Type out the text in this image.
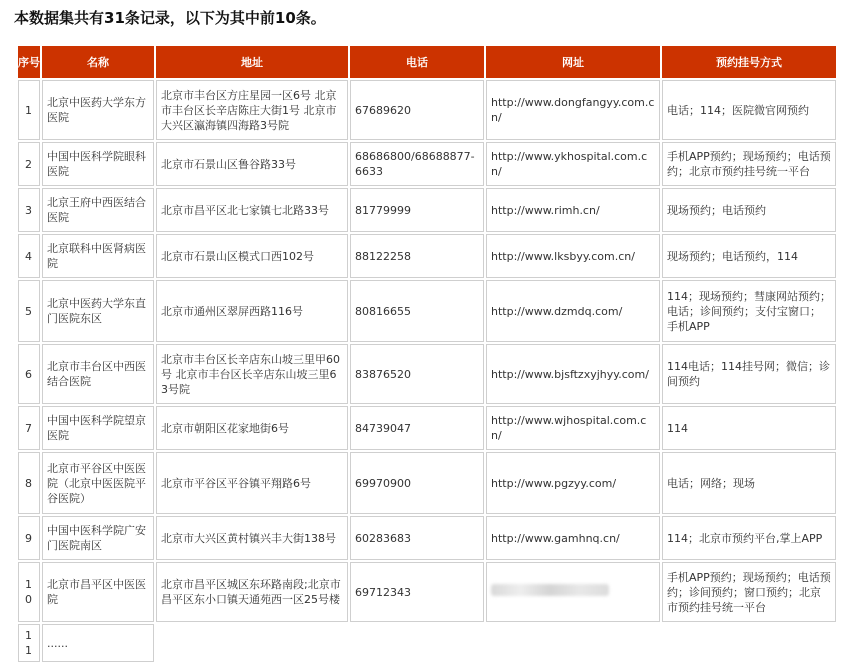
本数据集共有31条记录，以下为其中前10条。
序号	名称	地址	电话	网址	预约挂号方式
1	北京中医药大学东方医院	北京市丰台区方庄星园一区6号 北京市丰台区长辛店陈庄大街1号 北京市大兴区瀛海镇四海路3号院	67689620	http://www.dongfangyy.com.cn/	电话；114；医院微官网预约
2	中国中医科学院眼科医院	北京市石景山区鲁谷路33号	68686800/68688877-6633	http://www.ykhospital.com.cn/	手机APP预约；现场预约；电话预约；北京市预约挂号统一平台
3	北京王府中西医结合医院	北京市昌平区北七家镇七北路33号	81779999	http://www.rimh.cn/	现场预约；电话预约
4	北京联科中医肾病医院	北京市石景山区模式口西102号	88122258	http://www.lksbyy.com.cn/	现场预约；电话预约，114
5	北京中医药大学东直门医院东区	北京市通州区翠屏西路116号	80816655	http://www.dzmdq.com/	114；现场预约；彗康网站预约；电话；诊间预约；支付宝窗口；手机APP
6	北京市丰台区中西医结合医院	北京市丰台区长辛店东山坡三里甲60号 北京市丰台区长辛店东山坡三里63号院	83876520	http://www.bjsftzxyjhyy.com/	114电话；114挂号网；微信；诊间预约
7	中国中医科学院望京医院	北京市朝阳区花家地街6号	84739047	http://www.wjhospital.com.cn/	114
8	北京市平谷区中医医院（北京中医医院平谷医院）	北京市平谷区平谷镇平翔路6号	69970900	http://www.pgzyy.com/	电话；网络；现场
9	中国中医科学院广安门医院南区	北京市大兴区黄村镇兴丰大街138号	60283683	http://www.gamhnq.cn/	114；北京市预约平台,掌上APP
10	北京市昌平区中医医院	北京市昌平区城区东环路南段;北京市昌平区东小口镇天通苑西一区25号楼	69712343		手机APP预约；现场预约；电话预约；诊间预约；窗口预约；北京市预约挂号统一平台
11	......				
